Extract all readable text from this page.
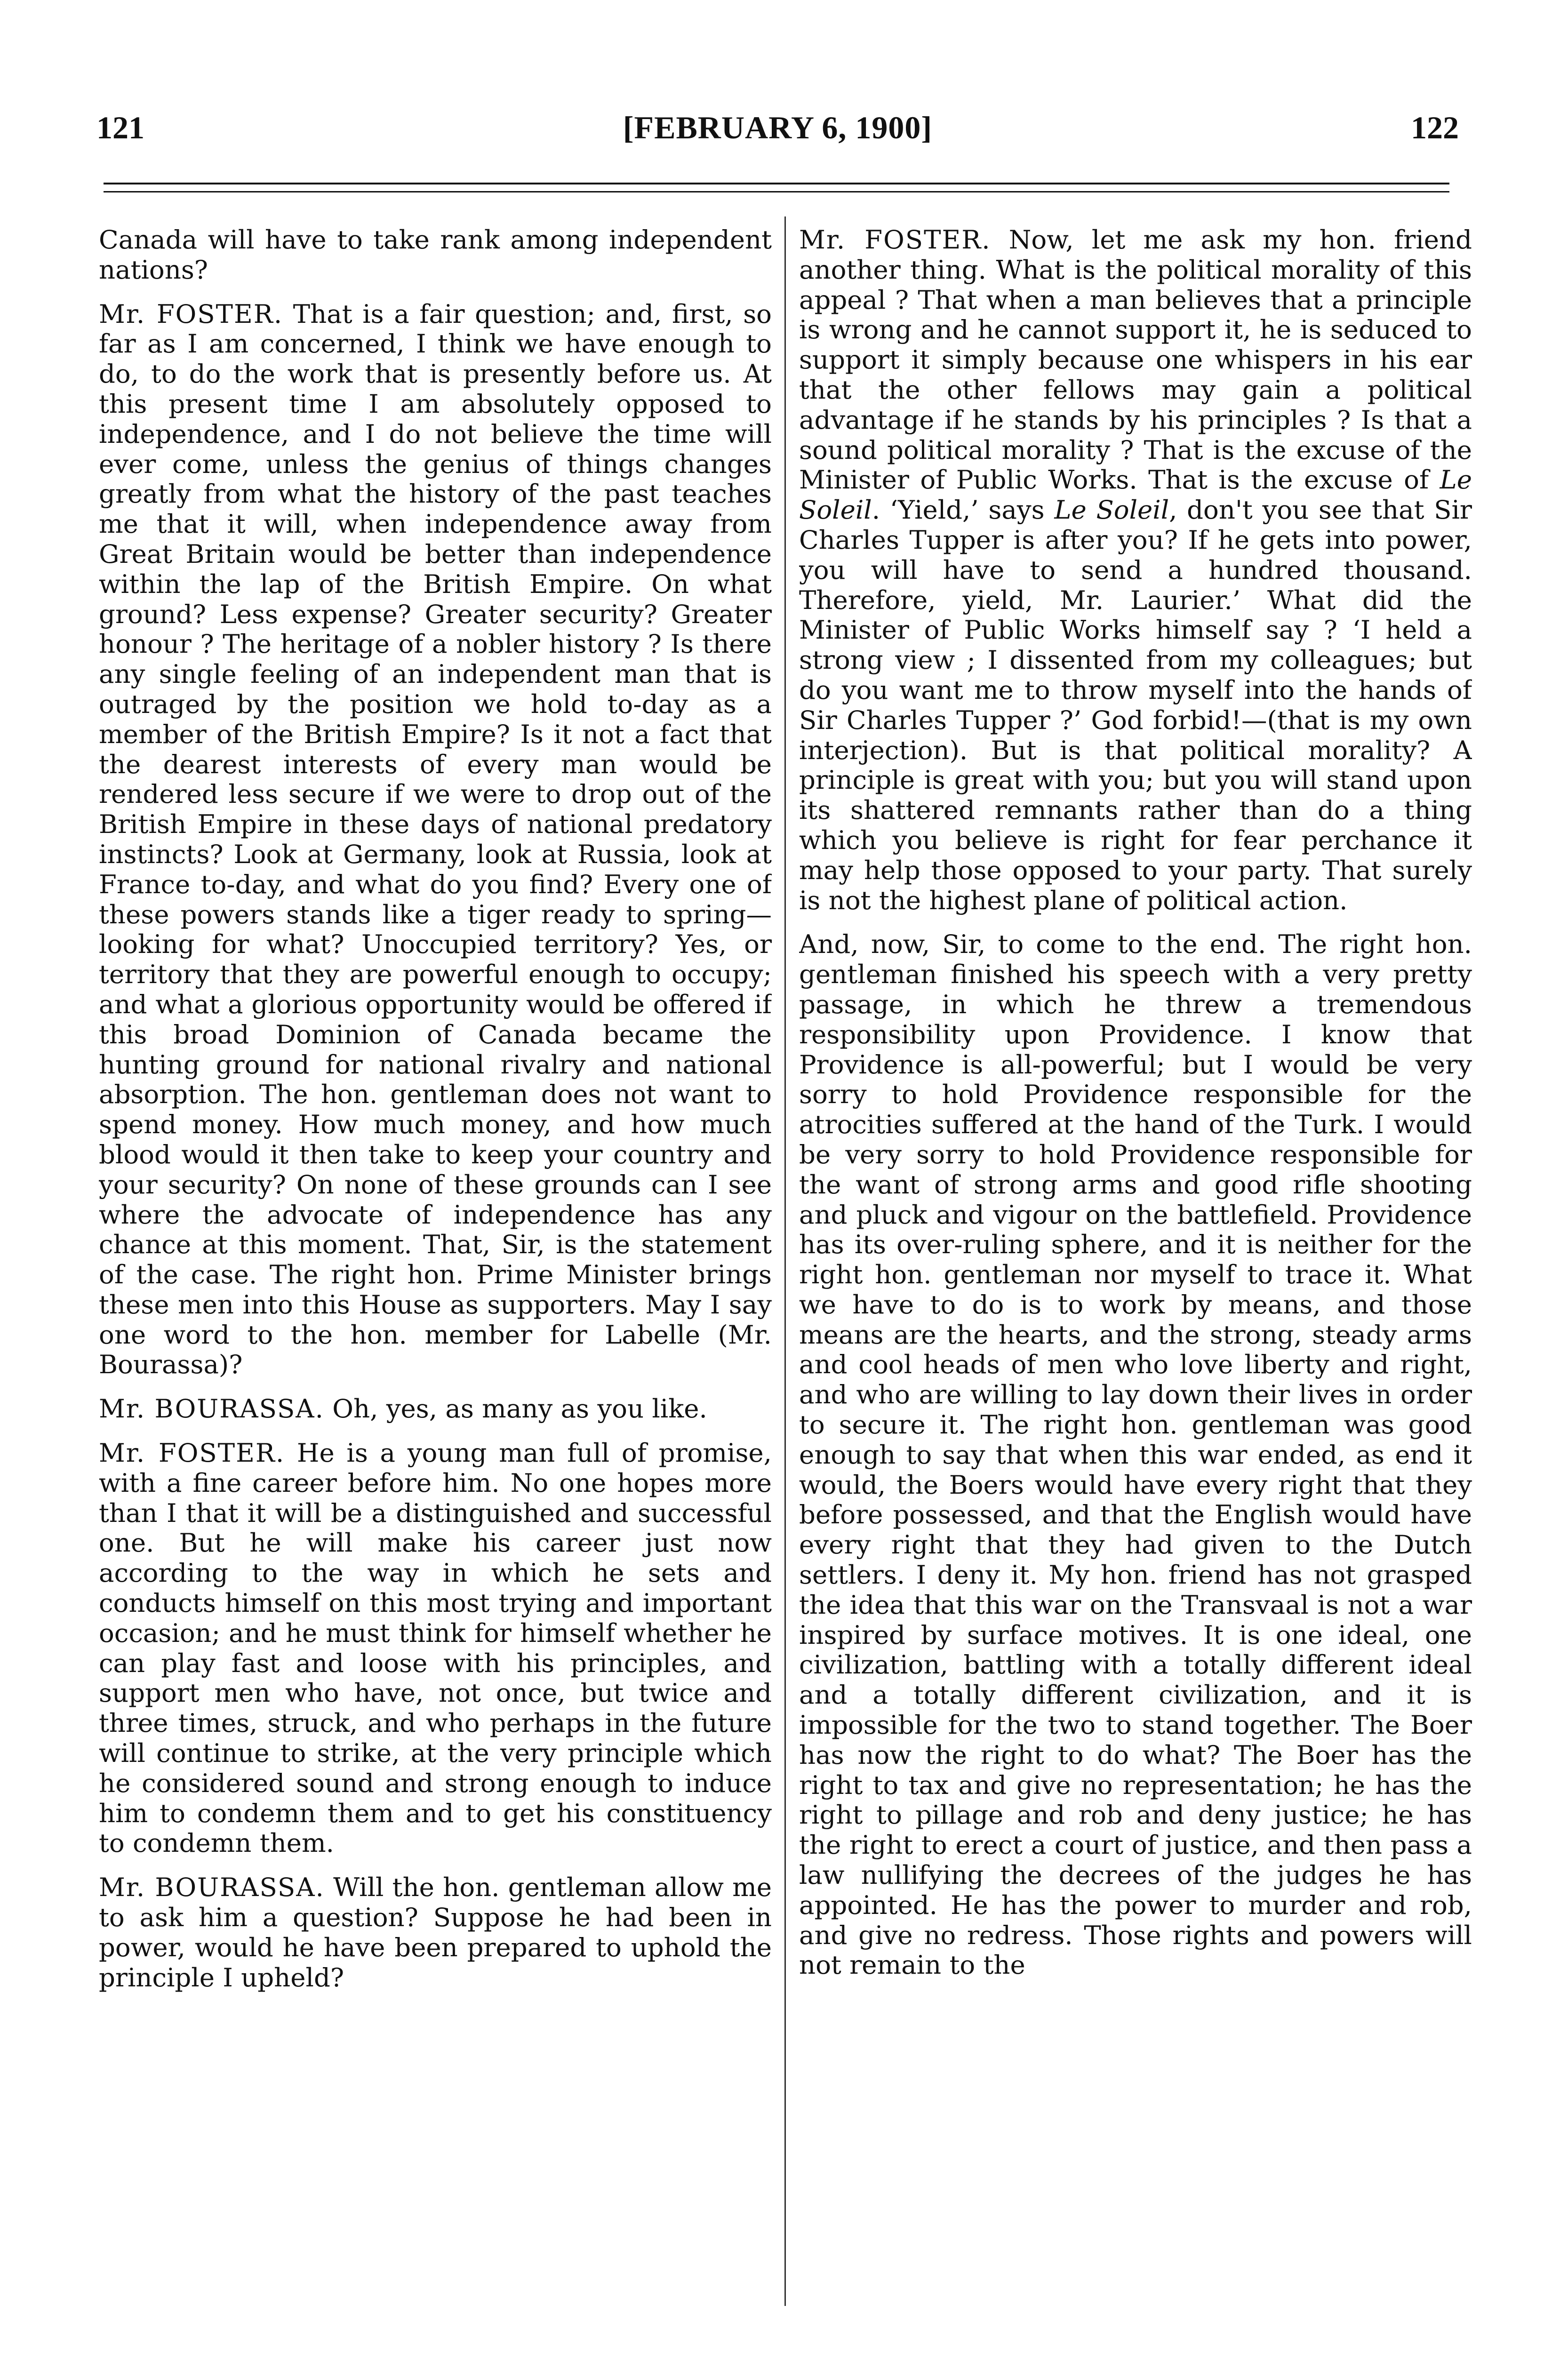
121	[FEBRUARY 6, 1900]	122

Canada will have to take rank among independent nations?

Mr. FOSTER. That is a fair question; and, first, so far as I am concerned, I think we have enough to do, to do the work that is presently before us. At this present time I am absolutely opposed to independence, and I do not believe the time will ever come, unless the genius of things changes greatly from what the history of the past teaches me that it will, when independence away from Great Britain would be better than independence within the lap of the British Empire. On what ground? Less expense? Greater security? Greater honour ? The heritage of a nobler history ? Is there any single feeling of an independent man that is outraged by the position we hold to-day as a member of the British Empire? Is it not a fact that the dearest interests of every man would be rendered less secure if we were to drop out of the British Empire in these days of national predatory instincts? Look at Germany, look at Russia, look at France to-day, and what do you find? Every one of these powers stands like a tiger ready to spring—looking for what? Unoccupied territory? Yes, or territory that they are powerful enough to occupy; and what a glorious opportunity would be offered if this broad Dominion of Canada became the hunting ground for national rivalry and national absorption. The hon. gentleman does not want to spend money. How much money, and how much blood would it then take to keep your country and your security? On none of these grounds can I see where the advocate of independence has any chance at this moment. That, Sir, is the statement of the case. The right hon. Prime Minister brings these men into this House as supporters. May I say one word to the hon. member for Labelle (Mr. Bourassa)?

Mr. BOURASSA. Oh, yes, as many as you like.

Mr. FOSTER. He is a young man full of promise, with a fine career before him. No one hopes more than I that it will be a distinguished and successful one. But he will make his career just now according to the way in which he sets and conducts himself on this most trying and important occasion; and he must think for himself whether he can play fast and loose with his principles, and support men who have, not once, but twice and three times, struck, and who perhaps in the future will continue to strike, at the very principle which he considered sound and strong enough to induce him to condemn them and to get his constituency to condemn them.

Mr. BOURASSA. Will the hon. gentleman allow me to ask him a question? Suppose he had been in power, would he have been prepared to uphold the principle I upheld?

Mr. FOSTER. Now, let me ask my hon. friend another thing. What is the political morality of this appeal ? That when a man believes that a principle is wrong and he cannot support it, he is seduced to support it simply because one whispers in his ear that the other fellows may gain a political advantage if he stands by his principles ? Is that a sound political morality ? That is the excuse of the Minister of Public Works. That is the excuse of Le Soleil. ‘Yield,’ says Le Soleil, don't you see that Sir Charles Tupper is after you? If he gets into power, you will have to send a hundred thousand. Therefore, yield, Mr. Laurier.’ What did the Minister of Public Works himself say ? ‘I held a strong view ; I dissented from my colleagues; but do you want me to throw myself into the hands of Sir Charles Tupper ?’ God forbid!—(that is my own interjection). But is that political morality? A principle is great with you; but you will stand upon its shattered remnants rather than do a thing which you believe is right for fear perchance it may help those opposed to your party. That surely is not the highest plane of political action.

And, now, Sir, to come to the end. The right hon. gentleman finished his speech with a very pretty passage, in which he threw a tremendous responsibility upon Providence. I know that Providence is all-powerful; but I would be very sorry to hold Providence responsible for the atrocities suffered at the hand of the Turk. I would be very sorry to hold Providence responsible for the want of strong arms and good rifle shooting and pluck and vigour on the battlefield. Providence has its over-ruling sphere, and it is neither for the right hon. gentleman nor myself to trace it. What we have to do is to work by means, and those means are the hearts, and the strong, steady arms and cool heads of men who love liberty and right, and who are willing to lay down their lives in order to secure it. The right hon. gentleman was good enough to say that when this war ended, as end it would, the Boers would have every right that they before possessed, and that the English would have every right that they had given to the Dutch settlers. I deny it. My hon. friend has not grasped the idea that this war on the Transvaal is not a war inspired by surface motives. It is one ideal, one civilization, battling with a totally different ideal and a totally different civilization, and it is impossible for the two to stand together. The Boer has now the right to do what? The Boer has the right to tax and give no representation; he has the right to pillage and rob and deny justice; he has the right to erect a court of justice, and then pass a law nullifying the decrees of the judges he has appointed. He has the power to murder and rob, and give no redress. Those rights and powers will not remain to the
